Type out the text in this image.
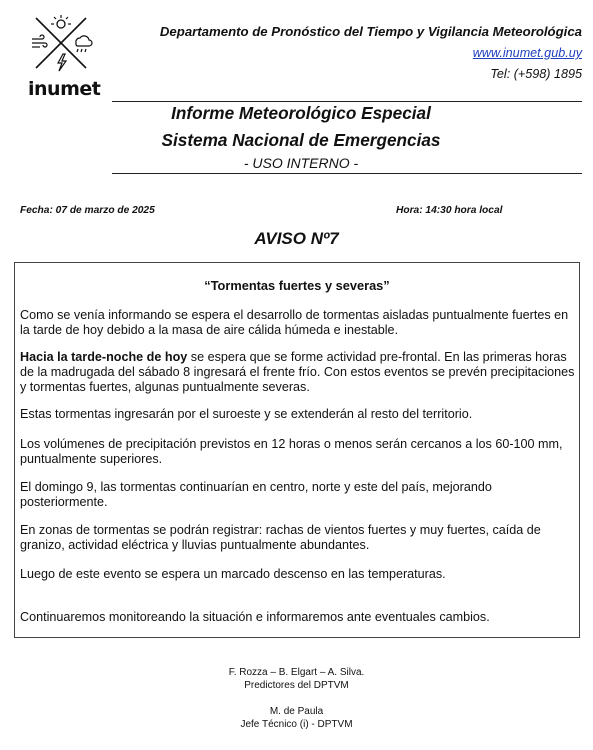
inumet
Departamento de Pronóstico del Tiempo y Vigilancia Meteorológica
www.inumet.gub.uy
Tel: (+598) 1895
Informe Meteorológico Especial
Sistema Nacional de Emergencias
- USO INTERNO -
Fecha: 07 de marzo de 2025	Hora: 14:30 hora local
AVISO Nº7
“Tormentas fuertes y severas”
Como se venía informando se espera el desarrollo de tormentas aisladas puntualmente fuertes en la tarde de hoy debido a la masa de aire cálida húmeda e inestable.
Hacia la tarde-noche de hoy se espera que se forme actividad pre-frontal. En las primeras horas de la madrugada del sábado 8 ingresará el frente frío. Con estos eventos se prevén precipitaciones y tormentas fuertes, algunas puntualmente severas.
Estas tormentas ingresarán por el suroeste y se extenderán al resto del territorio.
Los volúmenes de precipitación previstos en 12 horas o menos serán cercanos a los 60-100 mm, puntualmente superiores.
El domingo 9, las tormentas continuarían en centro, norte y este del país, mejorando posteriormente.
En zonas de tormentas se podrán registrar: rachas de vientos fuertes y muy fuertes, caída de granizo, actividad eléctrica y lluvias puntualmente abundantes.
Luego de este evento se espera un marcado descenso en las temperaturas.
Continuaremos monitoreando la situación e informaremos ante eventuales cambios.
F. Rozza – B. Elgart – A. Silva.
Predictores del DPTVM
M. de Paula
Jefe Técnico (i) - DPTVM
